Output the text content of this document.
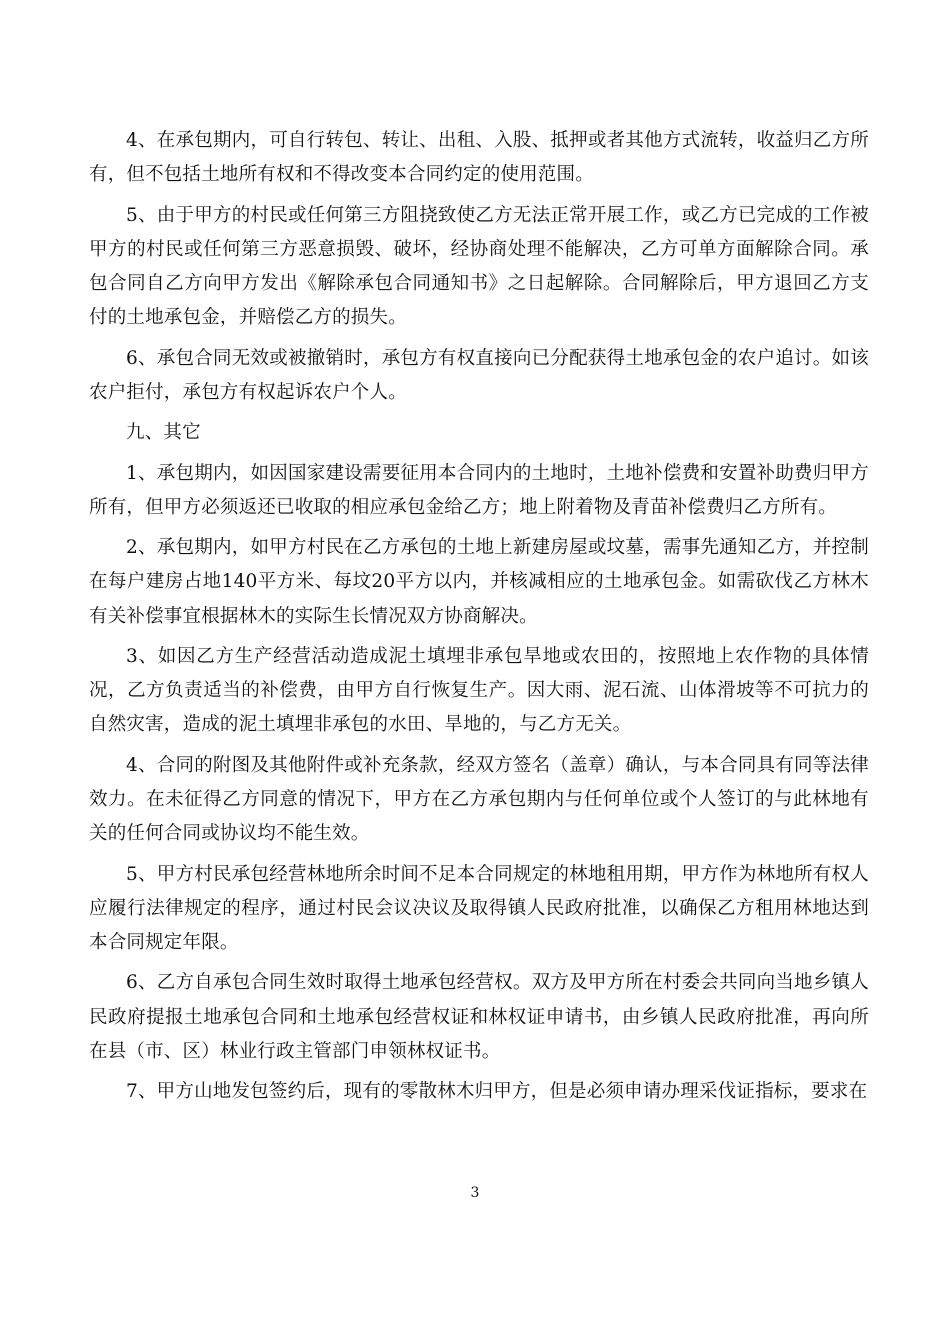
4、在承包期内，可自行转包、转让、出租、入股、抵押或者其他方式流转，收益归乙方所有，但不包括土地所有权和不得改变本合同约定的使用范围。

5、由于甲方的村民或任何第三方阻挠致使乙方无法正常开展工作，或乙方已完成的工作被甲方的村民或任何第三方恶意损毁、破坏，经协商处理不能解决，乙方可单方面解除合同。承包合同自乙方向甲方发出《解除承包合同通知书》之日起解除。合同解除后，甲方退回乙方支付的土地承包金，并赔偿乙方的损失。

6、承包合同无效或被撤销时，承包方有权直接向已分配获得土地承包金的农户追讨。如该农户拒付，承包方有权起诉农户个人。

九、其它

1、承包期内，如因国家建设需要征用本合同内的土地时，土地补偿费和安置补助费归甲方所有，但甲方必须返还已收取的相应承包金给乙方；地上附着物及青苗补偿费归乙方所有。

2、承包期内，如甲方村民在乙方承包的土地上新建房屋或坟墓，需事先通知乙方，并控制在每户建房占地140平方米、每坟20平方以内，并核减相应的土地承包金。如需砍伐乙方林木有关补偿事宜根据林木的实际生长情况双方协商解决。

3、如因乙方生产经营活动造成泥土填埋非承包旱地或农田的，按照地上农作物的具体情况，乙方负责适当的补偿费，由甲方自行恢复生产。因大雨、泥石流、山体滑坡等不可抗力的自然灾害，造成的泥土填埋非承包的水田、旱地的，与乙方无关。

4、合同的附图及其他附件或补充条款，经双方签名（盖章）确认，与本合同具有同等法律效力。在未征得乙方同意的情况下，甲方在乙方承包期内与任何单位或个人签订的与此林地有关的任何合同或协议均不能生效。

5、甲方村民承包经营林地所余时间不足本合同规定的林地租用期，甲方作为林地所有权人应履行法律规定的程序，通过村民会议决议及取得镇人民政府批准，以确保乙方租用林地达到本合同规定年限。

6、乙方自承包合同生效时取得土地承包经营权。双方及甲方所在村委会共同向当地乡镇人民政府提报土地承包合同和土地承包经营权证和林权证申请书，由乡镇人民政府批准，再向所在县（市、区）林业行政主管部门申领林权证书。

7、甲方山地发包签约后，现有的零散林木归甲方，但是必须申请办理采伐证指标，要求在

3
